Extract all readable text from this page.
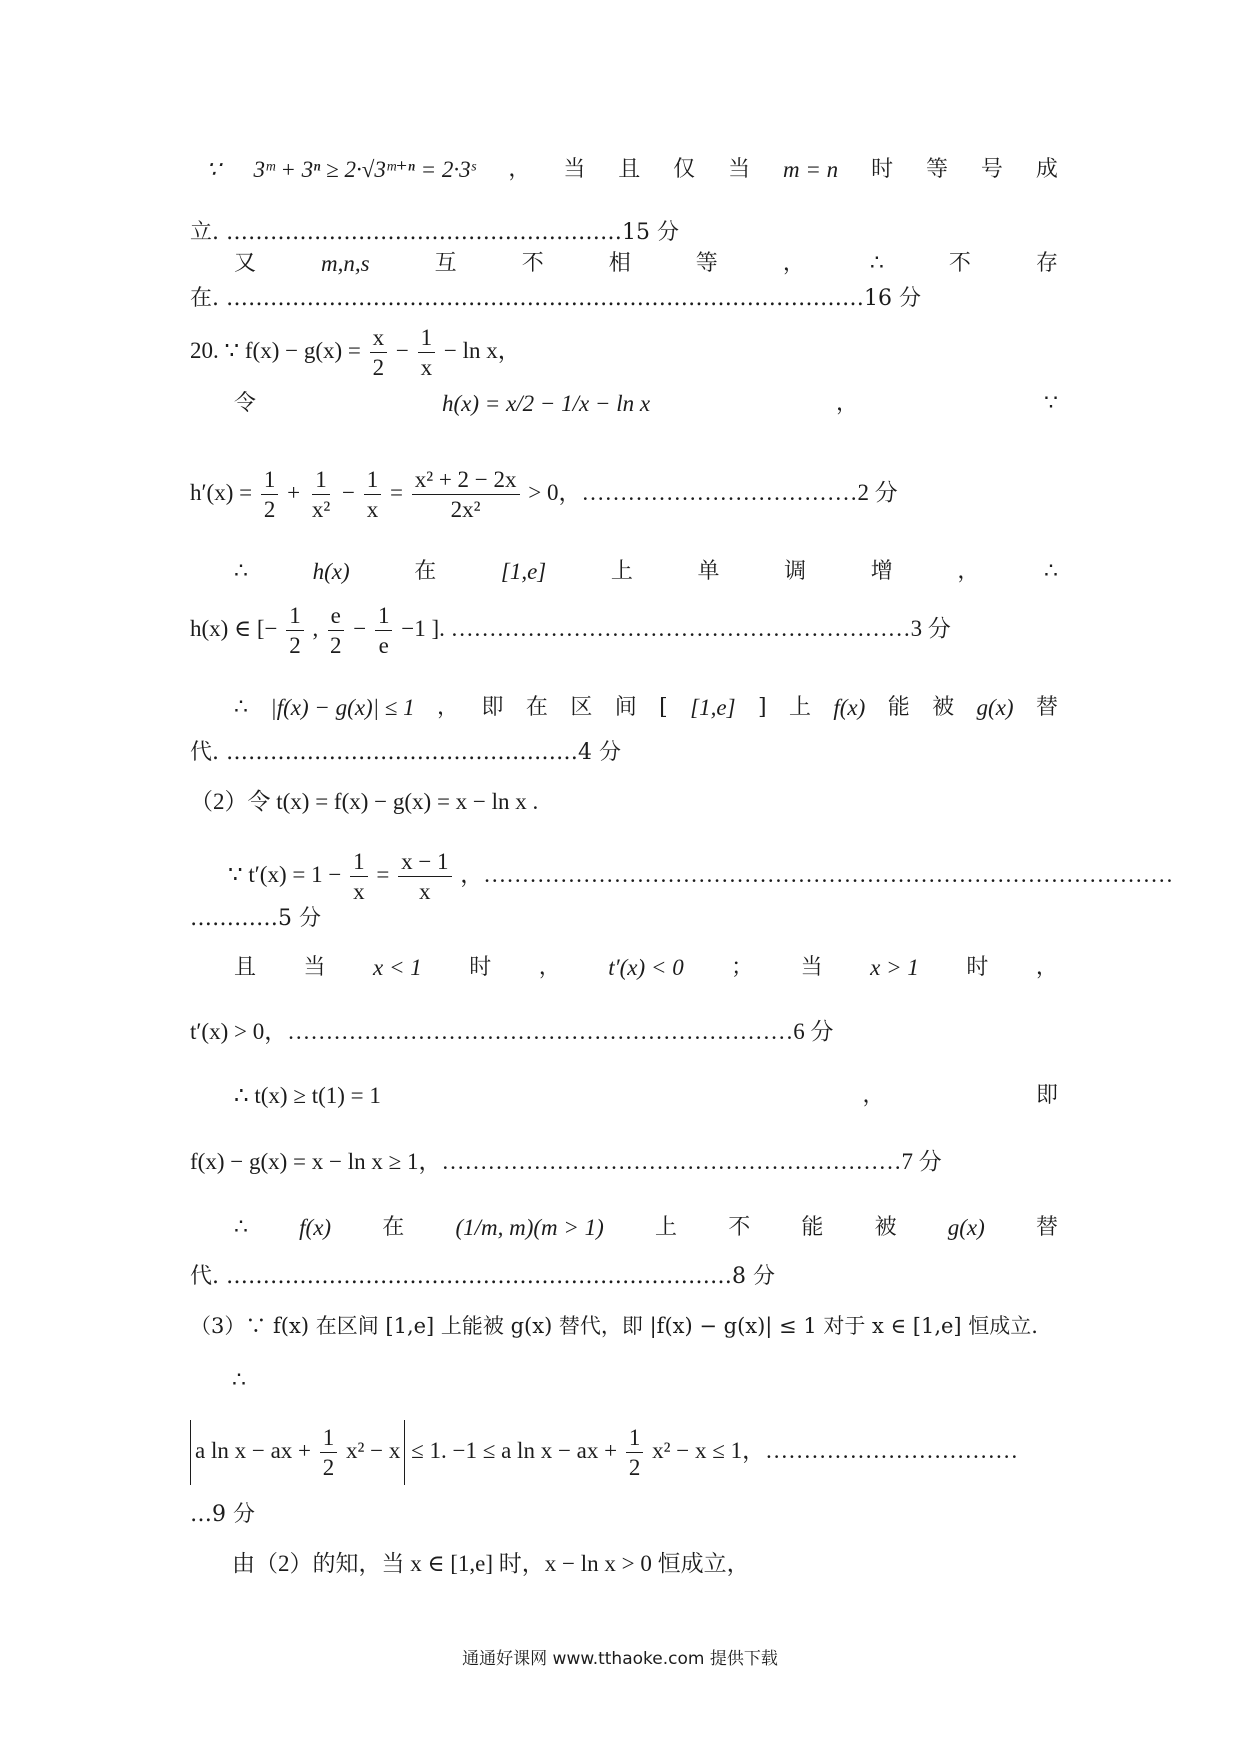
∵ 3ᵐ + 3ⁿ ≥ 2·√3ᵐ⁺ⁿ = 2·3ˢ ， 当 且 仅 当 m = n 时 等 号 成
立. ………………………………………………15 分
又	m,n,s	互	不	相	等	，	∴	不	存
在. ……………………………………………………………………………16 分
20. ∵ $f(x) - g(x) = \frac{x}{2} - \frac{1}{x} - \ln x$，
令	h(x) = x/2 − 1/x − ln x	，	∵
$h'(x) = \frac{1}{2} + \frac{1}{\text{x²}} - \frac{1}{x} = \frac{\text{x² + 2 − 2x}}{\text{2x²}} > 0$，………………………………2 分
∴	h(x)	在	[1,e]	上	单	调	增	，	∴
h(x) ∈ [− $\frac{1}{2}$ , $\frac{e}{2} - \frac{1}{e} -1$ ]. ……………………………………………………3 分
∴ |f(x) − g(x)| ≤ 1 ， 即 在 区 间 [ [1,e] ] 上 f(x) 能 被 g(x) 替
代. …………………………………………4 分
（2）令 t(x) = f(x) − g(x) = x − ln x .
∵ $t'(x) = 1 - \frac{1}{x} = \frac{x - 1}{x}$ ，………………………………………………………………………………
…………5 分
且 当 x < 1 时 ， t′(x) < 0 ； 当 x > 1 时 ，
t′(x) > 0，…………………………………………………………6 分
∴ t(x) ≥ t(1) = 1	，	即
f(x) − g(x) = x − ln x ≥ 1，……………………………………………………7 分
∴ f(x) 在 (1/m, m)(m > 1) 上 不 能 被 g(x) 替
代. ……………………………………………………………8 分
（3）∵ f(x) 在区间 [1,e] 上能被 g(x) 替代，即 |f(x) − g(x)| ≤ 1 对于 x ∈ [1,e] 恒成立.
∴
a ln x − ax + $\frac{1}{2} x^2 - x \le 1$. −1 ≤ a ln x − ax + $\frac{1}{2} x^2 - x \le 1$，……………………………
…9 分
由（2）的知，当 x ∈ [1,e] 时，x − ln x > 0 恒成立，
通通好课网 www.tthaoke.com 提供下载
